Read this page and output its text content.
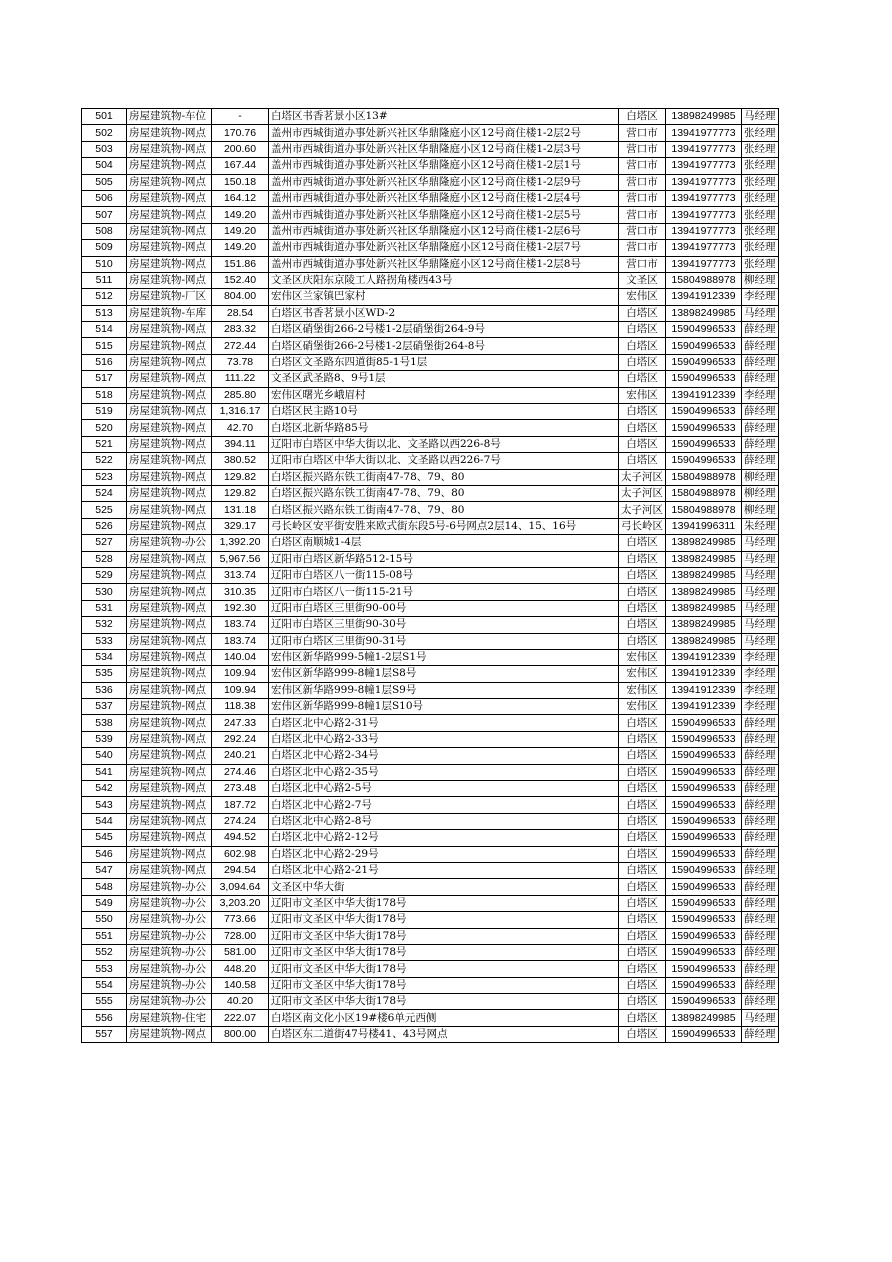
501	房屋建筑物-车位	-	白塔区书香茗景小区13#	白塔区	13898249985	马经理
502	房屋建筑物-网点	170.76	盖州市西城街道办事处新兴社区华鼎隆庭小区12号商住楼1-2层2号	营口市	13941977773	张经理
503	房屋建筑物-网点	200.60	盖州市西城街道办事处新兴社区华鼎隆庭小区12号商住楼1-2层3号	营口市	13941977773	张经理
504	房屋建筑物-网点	167.44	盖州市西城街道办事处新兴社区华鼎隆庭小区12号商住楼1-2层1号	营口市	13941977773	张经理
505	房屋建筑物-网点	150.18	盖州市西城街道办事处新兴社区华鼎隆庭小区12号商住楼1-2层9号	营口市	13941977773	张经理
506	房屋建筑物-网点	164.12	盖州市西城街道办事处新兴社区华鼎隆庭小区12号商住楼1-2层4号	营口市	13941977773	张经理
507	房屋建筑物-网点	149.20	盖州市西城街道办事处新兴社区华鼎隆庭小区12号商住楼1-2层5号	营口市	13941977773	张经理
508	房屋建筑物-网点	149.20	盖州市西城街道办事处新兴社区华鼎隆庭小区12号商住楼1-2层6号	营口市	13941977773	张经理
509	房屋建筑物-网点	149.20	盖州市西城街道办事处新兴社区华鼎隆庭小区12号商住楼1-2层7号	营口市	13941977773	张经理
510	房屋建筑物-网点	151.86	盖州市西城街道办事处新兴社区华鼎隆庭小区12号商住楼1-2层8号	营口市	13941977773	张经理
511	房屋建筑物-网点	152.40	文圣区庆阳东京陵工人路拐角楼西43号	文圣区	15804988978	柳经理
512	房屋建筑物-厂区	804.00	宏伟区兰家镇巴家村	宏伟区	13941912339	李经理
513	房屋建筑物-车库	28.54	白塔区书香茗景小区WD-2	白塔区	13898249985	马经理
514	房屋建筑物-网点	283.32	白塔区硝堡街266-2号楼1-2层硝堡街264-9号	白塔区	15904996533	薛经理
515	房屋建筑物-网点	272.44	白塔区硝堡街266-2号楼1-2层硝堡街264-8号	白塔区	15904996533	薛经理
516	房屋建筑物-网点	73.78	白塔区文圣路东四道街85-1号1层	白塔区	15904996533	薛经理
517	房屋建筑物-网点	111.22	文圣区武圣路8、9号1层	白塔区	15904996533	薛经理
518	房屋建筑物-网点	285.80	宏伟区曙光乡峨眉村	宏伟区	13941912339	李经理
519	房屋建筑物-网点	1,316.17	白塔区民主路10号	白塔区	15904996533	薛经理
520	房屋建筑物-网点	42.70	白塔区北新华路85号	白塔区	15904996533	薛经理
521	房屋建筑物-网点	394.11	辽阳市白塔区中华大街以北、文圣路以西226-8号	白塔区	15904996533	薛经理
522	房屋建筑物-网点	380.52	辽阳市白塔区中华大街以北、文圣路以西226-7号	白塔区	15904996533	薛经理
523	房屋建筑物-网点	129.82	白塔区振兴路东铁工街南47-78、79、80	太子河区	15804988978	柳经理
524	房屋建筑物-网点	129.82	白塔区振兴路东铁工街南47-78、79、80	太子河区	15804988978	柳经理
525	房屋建筑物-网点	131.18	白塔区振兴路东铁工街南47-78、79、80	太子河区	15804988978	柳经理
526	房屋建筑物-网点	329.17	弓长岭区安平街安胜来欧式街东段5号-6号网点2层14、15、16号	弓长岭区	13941996311	朱经理
527	房屋建筑物-办公	1,392.20	白塔区南顺城1-4层	白塔区	13898249985	马经理
528	房屋建筑物-网点	5,967.56	辽阳市白塔区新华路512-15号	白塔区	13898249985	马经理
529	房屋建筑物-网点	313.74	辽阳市白塔区八一街115-08号	白塔区	13898249985	马经理
530	房屋建筑物-网点	310.35	辽阳市白塔区八一街115-21号	白塔区	13898249985	马经理
531	房屋建筑物-网点	192.30	辽阳市白塔区三里街90-00号	白塔区	13898249985	马经理
532	房屋建筑物-网点	183.74	辽阳市白塔区三里街90-30号	白塔区	13898249985	马经理
533	房屋建筑物-网点	183.74	辽阳市白塔区三里街90-31号	白塔区	13898249985	马经理
534	房屋建筑物-网点	140.04	宏伟区新华路999-5幢1-2层S1号	宏伟区	13941912339	李经理
535	房屋建筑物-网点	109.94	宏伟区新华路999-8幢1层S8号	宏伟区	13941912339	李经理
536	房屋建筑物-网点	109.94	宏伟区新华路999-8幢1层S9号	宏伟区	13941912339	李经理
537	房屋建筑物-网点	118.38	宏伟区新华路999-8幢1层S10号	宏伟区	13941912339	李经理
538	房屋建筑物-网点	247.33	白塔区北中心路2-31号	白塔区	15904996533	薛经理
539	房屋建筑物-网点	292.24	白塔区北中心路2-33号	白塔区	15904996533	薛经理
540	房屋建筑物-网点	240.21	白塔区北中心路2-34号	白塔区	15904996533	薛经理
541	房屋建筑物-网点	274.46	白塔区北中心路2-35号	白塔区	15904996533	薛经理
542	房屋建筑物-网点	273.48	白塔区北中心路2-5号	白塔区	15904996533	薛经理
543	房屋建筑物-网点	187.72	白塔区北中心路2-7号	白塔区	15904996533	薛经理
544	房屋建筑物-网点	274.24	白塔区北中心路2-8号	白塔区	15904996533	薛经理
545	房屋建筑物-网点	494.52	白塔区北中心路2-12号	白塔区	15904996533	薛经理
546	房屋建筑物-网点	602.98	白塔区北中心路2-29号	白塔区	15904996533	薛经理
547	房屋建筑物-网点	294.54	白塔区北中心路2-21号	白塔区	15904996533	薛经理
548	房屋建筑物-办公	3,094.64	文圣区中华大街	白塔区	15904996533	薛经理
549	房屋建筑物-办公	3,203.20	辽阳市文圣区中华大街178号	白塔区	15904996533	薛经理
550	房屋建筑物-办公	773.66	辽阳市文圣区中华大街178号	白塔区	15904996533	薛经理
551	房屋建筑物-办公	728.00	辽阳市文圣区中华大街178号	白塔区	15904996533	薛经理
552	房屋建筑物-办公	581.00	辽阳市文圣区中华大街178号	白塔区	15904996533	薛经理
553	房屋建筑物-办公	448.20	辽阳市文圣区中华大街178号	白塔区	15904996533	薛经理
554	房屋建筑物-办公	140.58	辽阳市文圣区中华大街178号	白塔区	15904996533	薛经理
555	房屋建筑物-办公	40.20	辽阳市文圣区中华大街178号	白塔区	15904996533	薛经理
556	房屋建筑物-住宅	222.07	白塔区南文化小区19#楼6单元西侧	白塔区	13898249985	马经理
557	房屋建筑物-网点	800.00	白塔区东二道街47号楼41、43号网点	白塔区	15904996533	薛经理
